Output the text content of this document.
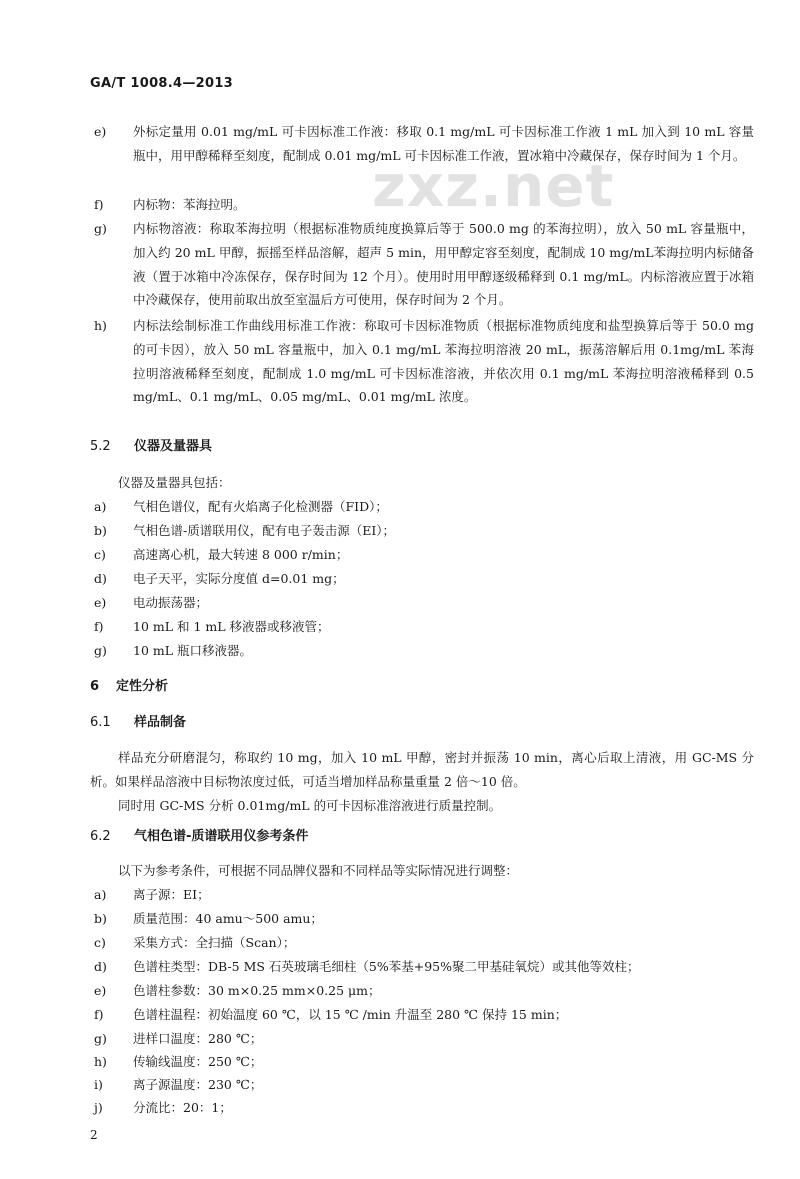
zxz.net
GA/T 1008.4—2013
e)	外标定量用 0.01 mg/mL 可卡因标准工作液：移取 0.1 mg/mL 可卡因标准工作液 1 mL 加入到 10 mL 容量瓶中，用甲醇稀释至刻度，配制成 0.01 mg/mL 可卡因标准工作液，置冰箱中冷藏保存，保存时间为 1 个月。
f)	内标物：苯海拉明。
g)	内标物溶液：称取苯海拉明（根据标准物质纯度换算后等于 500.0 mg 的苯海拉明），放入 50 mL 容量瓶中，加入约 20 mL 甲醇，振摇至样品溶解，超声 5 min，用甲醇定容至刻度，配制成 10 mg/mL苯海拉明内标储备液（置于冰箱中冷冻保存，保存时间为 12 个月）。使用时用甲醇逐级稀释到 0.1 mg/mL。内标溶液应置于冰箱中冷藏保存，使用前取出放至室温后方可使用，保存时间为 2 个月。
h)	内标法绘制标准工作曲线用标准工作液：称取可卡因标准物质（根据标准物质纯度和盐型换算后等于 50.0 mg 的可卡因），放入 50 mL 容量瓶中，加入 0.1 mg/mL 苯海拉明溶液 20 mL，振荡溶解后用 0.1mg/mL 苯海拉明溶液稀释至刻度，配制成 1.0 mg/mL 可卡因标准溶液，并依次用 0.1 mg/mL 苯海拉明溶液稀释到 0.5 mg/mL、0.1 mg/mL、0.05 mg/mL、0.01 mg/mL 浓度。
5.2 仪器及量器具
仪器及量器具包括：
a)	气相色谱仪，配有火焰离子化检测器（FID）；
b)	气相色谱-质谱联用仪，配有电子轰击源（EI）；
c)	高速离心机，最大转速 8 000 r/min；
d)	电子天平，实际分度值 d=0.01 mg；
e)	电动振荡器；
f)	10 mL 和 1 mL 移液器或移液管；
g)	10 mL 瓶口移液器。
6 定性分析
6.1 样品制备
样品充分研磨混匀，称取约 10 mg，加入 10 mL 甲醇，密封并振荡 10 min，离心后取上清液，用 GC-MS 分析。如果样品溶液中目标物浓度过低，可适当增加样品称量重量 2 倍～10 倍。
同时用 GC-MS 分析 0.01mg/mL 的可卡因标准溶液进行质量控制。
6.2 气相色谱-质谱联用仪参考条件
以下为参考条件，可根据不同品牌仪器和不同样品等实际情况进行调整：
a)	离子源：EI；
b)	质量范围：40 amu～500 amu；
c)	采集方式：全扫描（Scan）；
d)	色谱柱类型：DB-5 MS 石英玻璃毛细柱（5%苯基+95%聚二甲基硅氧烷）或其他等效柱；
e)	色谱柱参数：30 m×0.25 mm×0.25 μm；
f)	色谱柱温程：初始温度 60 ℃，以 15 ℃ /min 升温至 280 ℃ 保持 15 min；
g)	进样口温度：280 ℃；
h)	传输线温度：250 ℃；
i)	离子源温度：230 ℃；
j)	分流比：20：1；
2
